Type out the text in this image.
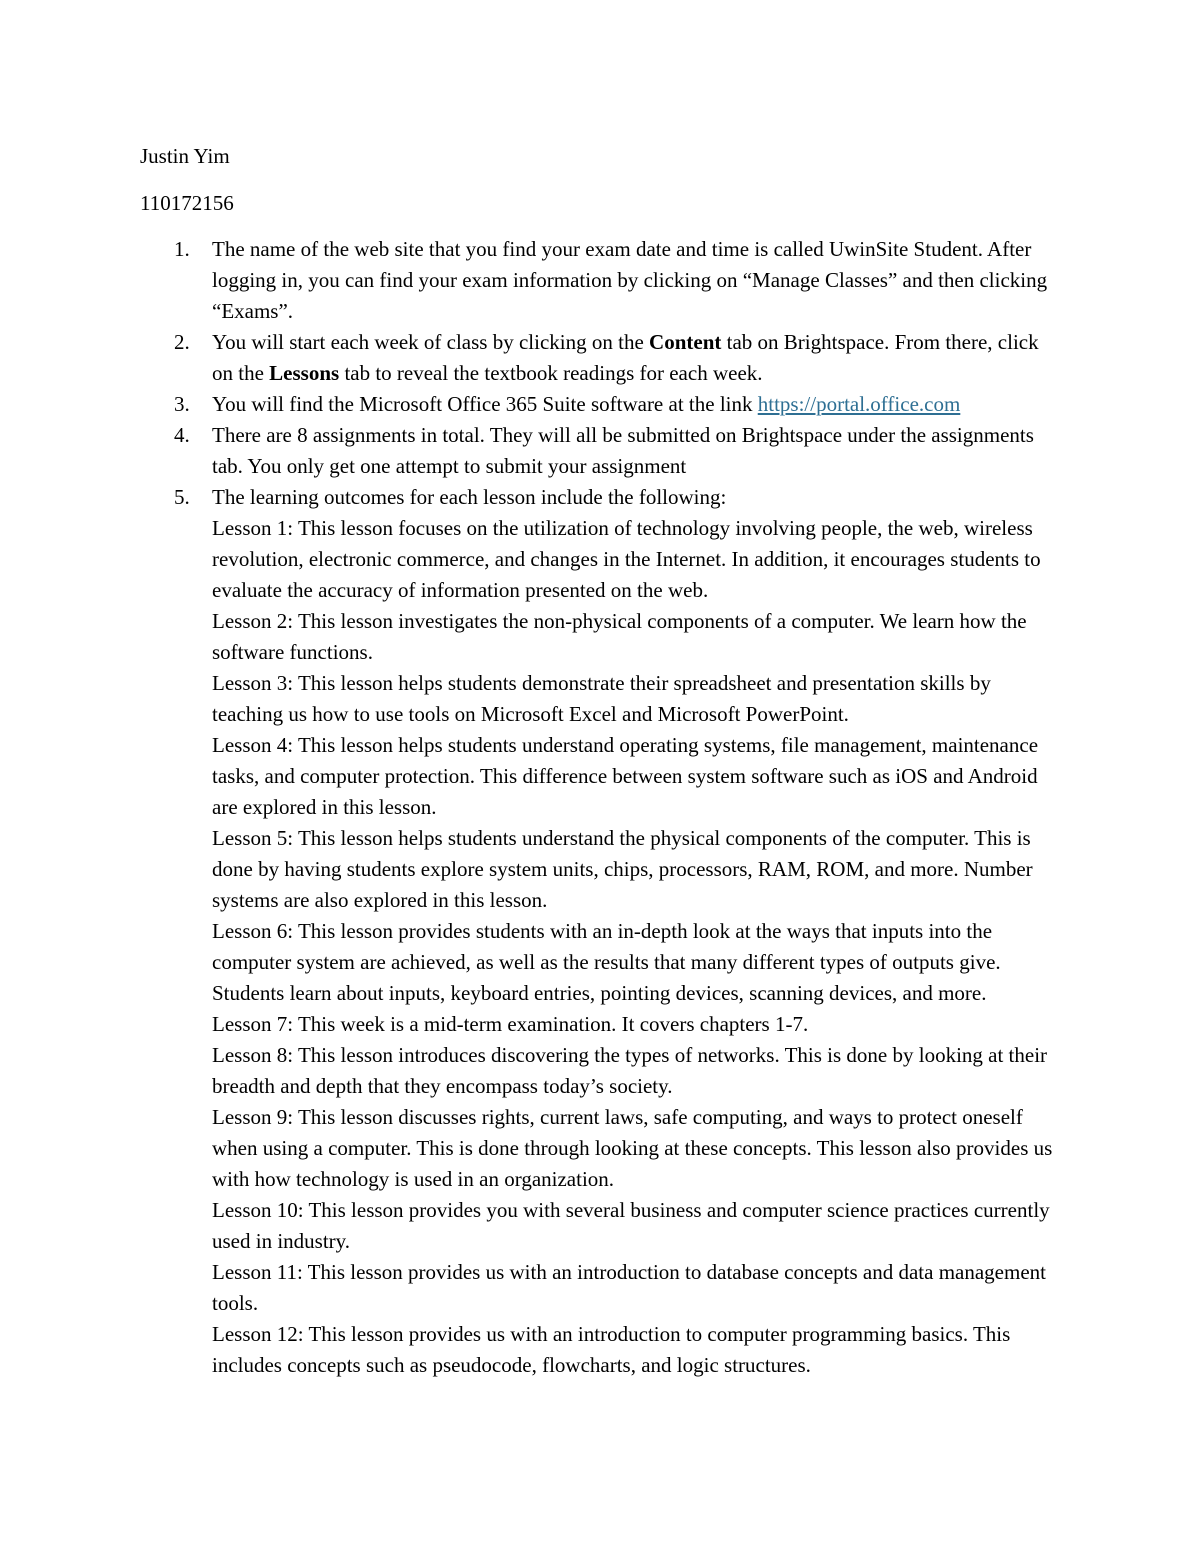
Justin Yim

110172156

1. The name of the web site that you find your exam date and time is called UwinSite Student. After logging in, you can find your exam information by clicking on “Manage Classes” and then clicking “Exams”.
2. You will start each week of class by clicking on the Content tab on Brightspace. From there, click on the Lessons tab to reveal the textbook readings for each week.
3. You will find the Microsoft Office 365 Suite software at the link https://portal.office.com
4. There are 8 assignments in total. They will all be submitted on Brightspace under the assignments tab. You only get one attempt to submit your assignment
5. The learning outcomes for each lesson include the following:
Lesson 1: This lesson focuses on the utilization of technology involving people, the web, wireless revolution, electronic commerce, and changes in the Internet. In addition, it encourages students to evaluate the accuracy of information presented on the web.
Lesson 2: This lesson investigates the non-physical components of a computer. We learn how the software functions.
Lesson 3: This lesson helps students demonstrate their spreadsheet and presentation skills by teaching us how to use tools on Microsoft Excel and Microsoft PowerPoint.
Lesson 4: This lesson helps students understand operating systems, file management, maintenance tasks, and computer protection. This difference between system software such as iOS and Android are explored in this lesson.
Lesson 5: This lesson helps students understand the physical components of the computer. This is done by having students explore system units, chips, processors, RAM, ROM, and more. Number systems are also explored in this lesson.
Lesson 6: This lesson provides students with an in-depth look at the ways that inputs into the computer system are achieved, as well as the results that many different types of outputs give. Students learn about inputs, keyboard entries, pointing devices, scanning devices, and more.
Lesson 7: This week is a mid-term examination. It covers chapters 1-7.
Lesson 8: This lesson introduces discovering the types of networks. This is done by looking at their breadth and depth that they encompass today’s society.
Lesson 9: This lesson discusses rights, current laws, safe computing, and ways to protect oneself when using a computer. This is done through looking at these concepts. This lesson also provides us with how technology is used in an organization.
Lesson 10: This lesson provides you with several business and computer science practices currently used in industry.
Lesson 11: This lesson provides us with an introduction to database concepts and data management tools.
Lesson 12: This lesson provides us with an introduction to computer programming basics. This includes concepts such as pseudocode, flowcharts, and logic structures.
